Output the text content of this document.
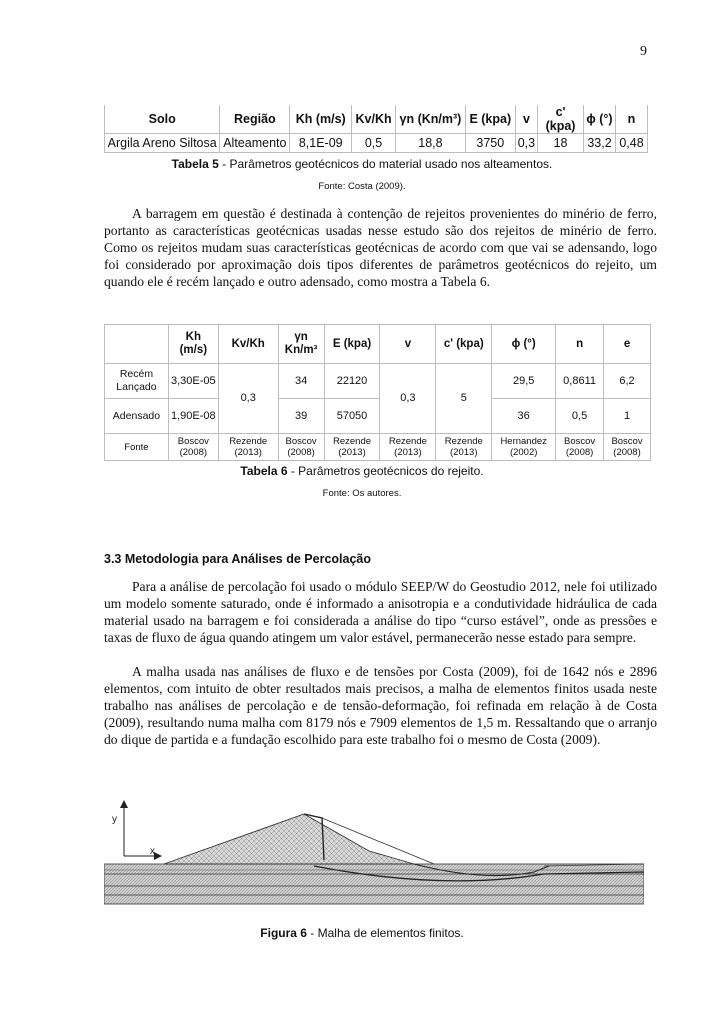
9
Solo	Região	Kh (m/s)	Kv/Kh	γn (Kn/m³)	E (kpa)	v	c' (kpa)	ϕ (°)	n
Argila Areno Siltosa	Alteamento	8,1E-09	0,5	18,8	3750	0,3	18	33,2	0,48
Tabela 5 - Parâmetros geotécnicos do material usado nos alteamentos.
Fonte: Costa (2009).

A barragem em questão é destinada à contenção de rejeitos provenientes do minério de ferro, portanto as características geotécnicas usadas nesse estudo são dos rejeitos de minério de ferro. Como os rejeitos mudam suas características geotécnicas de acordo com que vai se adensando, logo foi considerado por aproximação dois tipos diferentes de parâmetros geotécnicos do rejeito, um quando ele é recém lançado e outro adensado, como mostra a Tabela 6.

	Kh (m/s)	Kv/Kh	γn Kn/m³	E (kpa)	v	c' (kpa)	ϕ (°)	n	e
Recém Lançado	3,30E-05	0,3	34	22120	0,3	5	29,5	0,8611	6,2
Adensado	1,90E-08		39	57050			36	0,5	1
Fonte	Boscov (2008)	Rezende (2013)	Boscov (2008)	Rezende (2013)	Rezende (2013)	Rezende (2013)	Hernandez (2002)	Boscov (2008)	Boscov (2008)
Tabela 6 - Parâmetros geotécnicos do rejeito.
Fonte: Os autores.
3.3 Metodologia para Análises de Percolação

Para a análise de percolação foi usado o módulo SEEP/W do Geostudio 2012, nele foi utilizado um modelo somente saturado, onde é informado a anisotropia e a condutividade hidráulica de cada material usado na barragem e foi considerada a análise do tipo “curso estável”, onde as pressões e taxas de fluxo de água quando atingem um valor estável, permanecerão nesse estado para sempre.

A malha usada nas análises de fluxo e de tensões por Costa (2009), foi de 1642 nós e 2896 elementos, com intuito de obter resultados mais precisos, a malha de elementos finitos usada neste trabalho nas análises de percolação e de tensão-deformação, foi refinada em relação à de Costa (2009), resultando numa malha com 8179 nós e 7909 elementos de 1,5 m. Ressaltando que o arranjo do dique de partida e a fundação escolhido para este trabalho foi o mesmo de Costa (2009).

y
x
Figura 6 - Malha de elementos finitos.
